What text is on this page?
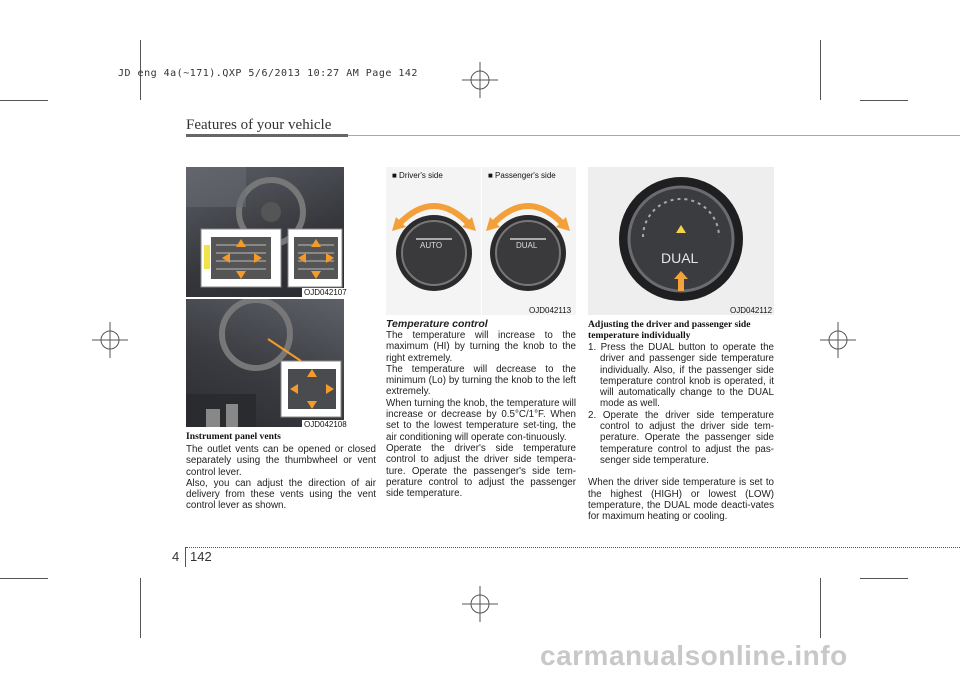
JD eng 4a(~171).QXP 5/6/2013 10:27 AM Page 142
Features of your vehicle
OJD042107
OJD042108
■ Driver's side	■ Passenger's side
AUTO	DUAL
OJD042113
DUAL
OJD042112
Instrument panel vents

The outlet vents can be opened or closed separately using the thumbwheel or vent control lever.

Also, you can adjust the direction of air delivery from these vents using the vent control lever as shown.

Temperature control

The temperature will increase to the maximum (HI) by turning the knob to the right extremely.

The temperature will decrease to the minimum (Lo) by turning the knob to the left extremely.

When turning the knob, the temperature will increase or decrease by 0.5°C/1°F. When set to the lowest temperature set-ting, the air conditioning will operate con-tinuously.

Operate the driver's side temperature control to adjust the driver side tempera-ture. Operate the passenger's side tem-perature control to adjust the passenger side temperature.

Adjusting the driver and passenger side temperature individually

1. Press the DUAL button to operate the driver and passenger side temperature individually. Also, if the passenger side temperature control knob is operated, it will automatically change to the DUAL mode as well.

2. Operate the driver side temperature control to adjust the driver side tem-perature. Operate the passenger side temperature control to adjust the pas-senger side temperature.

When the driver side temperature is set to the highest (HIGH) or lowest (LOW) temperature, the DUAL mode deacti-vates for maximum heating or cooling.

4 142
carmanualsonline.info
